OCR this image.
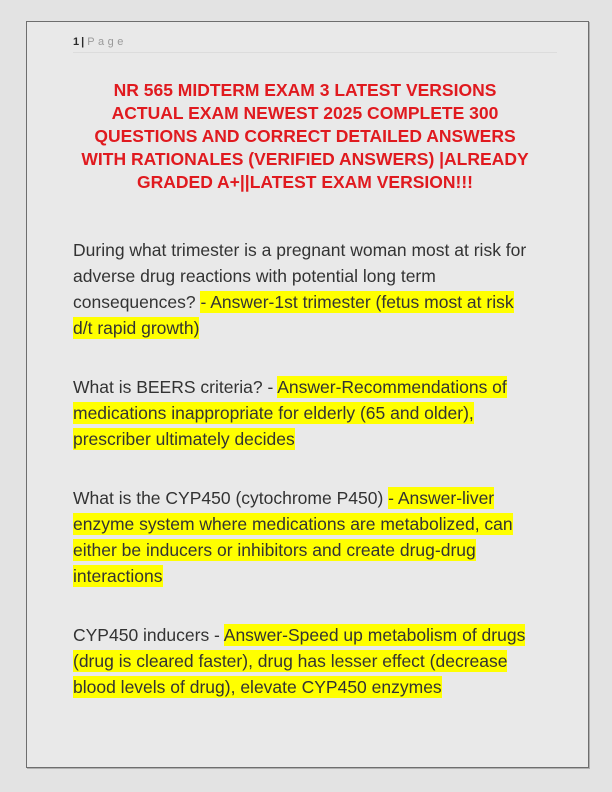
1| Page
NR 565 MIDTERM EXAM 3 LATEST VERSIONS
ACTUAL EXAM NEWEST 2025 COMPLETE 300
QUESTIONS AND CORRECT DETAILED ANSWERS
WITH RATIONALES (VERIFIED ANSWERS) |ALREADY
GRADED A+||LATEST EXAM VERSION!!!

During what trimester is a pregnant woman most at risk for adverse drug reactions with potential long term consequences? - Answer-1st trimester (fetus most at risk d/t rapid growth)

What is BEERS criteria? - Answer-Recommendations of medications inappropriate for elderly (65 and older), prescriber ultimately decides

What is the CYP450 (cytochrome P450) - Answer-liver enzyme system where medications are metabolized, can either be inducers or inhibitors and create drug-drug interactions

CYP450 inducers - Answer-Speed up metabolism of drugs (drug is cleared faster), drug has lesser effect (decrease blood levels of drug), elevate CYP450 enzymes
